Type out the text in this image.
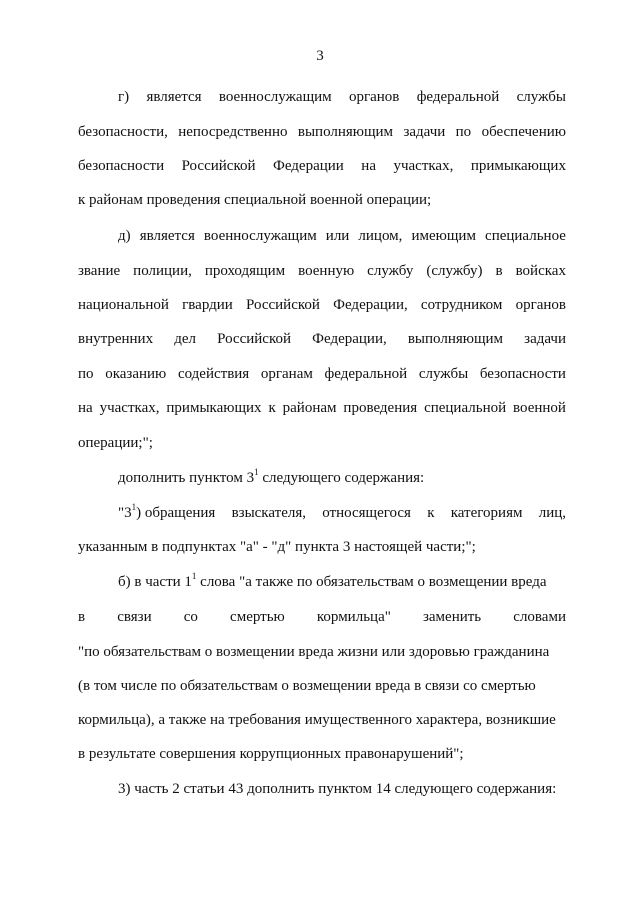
3
г) является военнослужащим органов федеральной службы
безопасности, непосредственно выполняющим задачи по обеспечению
безопасности Российской Федерации на участках, примыкающих
к районам проведения специальной военной операции;
д) является военнослужащим или лицом, имеющим специальное
звание полиции, проходящим военную службу (службу) в войсках
национальной гвардии Российской Федерации, сотрудником органов
внутренних дел Российской Федерации, выполняющим задачи
по оказанию содействия органам федеральной службы безопасности
на участках, примыкающих к районам проведения специальной военной
операции;";
дополнить пунктом $3^1$ следующего содержания:
"$3^1$ ) обращения взыскателя, относящегося к категориям лиц,
указанным в подпунктах "а" - "д" пункта 3 настоящей части;";
б) в части $1^1$ слова "а также по обязательствам о возмещении вреда
в связи со смертью кормильца" заменить словами
"по обязательствам о возмещении вреда жизни или здоровью гражданина
(в том числе по обязательствам о возмещении вреда в связи со смертью
кормильца), а также на требования имущественного характера, возникшие
в результате совершения коррупционных правонарушений";
3) часть 2 статьи 43 дополнить пунктом 14 следующего содержания:
